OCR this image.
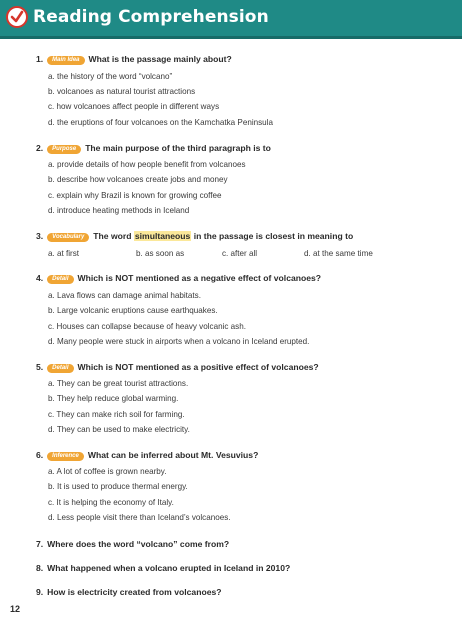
Reading Comprehension
1. Main Idea What is the passage mainly about?
a. the history of the word “volcano”
b. volcanoes as natural tourist attractions
c. how volcanoes affect people in different ways
d. the eruptions of four volcanoes on the Kamchatka Peninsula
2. Purpose The main purpose of the third paragraph is to
a. provide details of how people benefit from volcanoes
b. describe how volcanoes create jobs and money
c. explain why Brazil is known for growing coffee
d. introduce heating methods in Iceland
3. Vocabulary The word simultaneous in the passage is closest in meaning to
a. at first	b. as soon as	c. after all	d. at the same time
4. Detail Which is NOT mentioned as a negative effect of volcanoes?
a. Lava flows can damage animal habitats.
b. Large volcanic eruptions cause earthquakes.
c. Houses can collapse because of heavy volcanic ash.
d. Many people were stuck in airports when a volcano in Iceland erupted.
5. Detail Which is NOT mentioned as a positive effect of volcanoes?
a. They can be great tourist attractions.
b. They help reduce global warming.
c. They can make rich soil for farming.
d. They can be used to make electricity.
6. Inference What can be inferred about Mt. Vesuvius?
a. A lot of coffee is grown nearby.
b. It is used to produce thermal energy.
c. It is helping the economy of Italy.
d. Less people visit there than Iceland’s volcanoes.
7. Where does the word “volcano” come from?
8. What happened when a volcano erupted in Iceland in 2010?
9. How is electricity created from volcanoes?
12
